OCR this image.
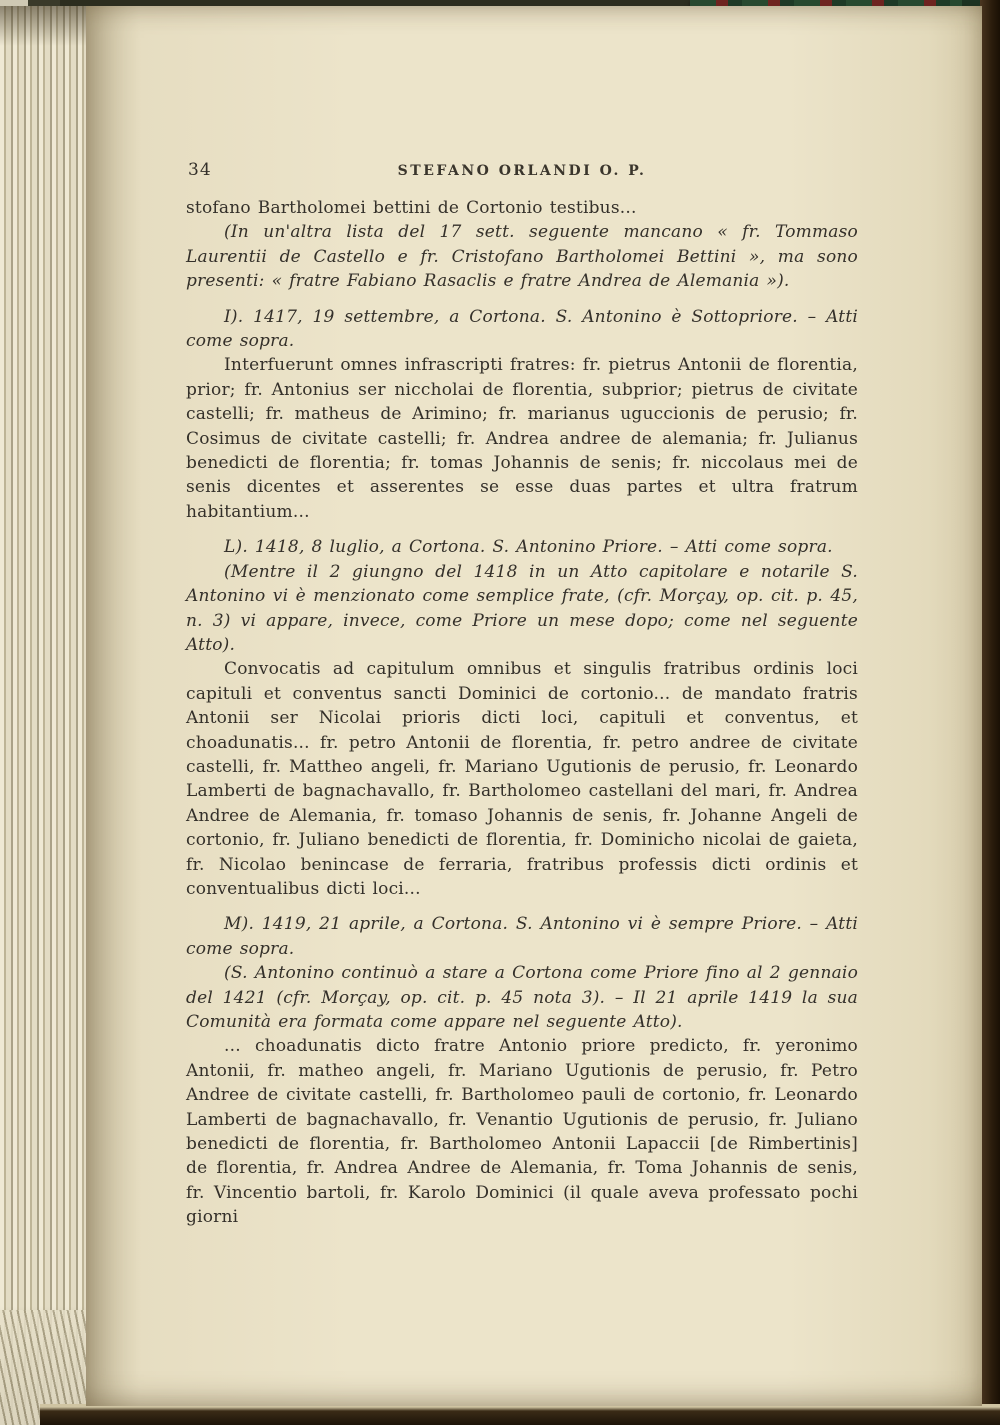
34	STEFANO ORLANDI O. P.

stofano Bartholomei bettini de Cortonio testibus...

(In un'altra lista del 17 sett. seguente mancano « fr. Tommaso Laurentii de Castello e fr. Cristofano Bartholomei Bettini », ma sono presenti: « fratre Fabiano Rasaclis e fratre Andrea de Alemania »).

I). 1417, 19 settembre, a Cortona. S. Antonino è Sottopriore. – Atti come sopra.

Interfuerunt omnes infrascripti fratres: fr. pietrus Antonii de florentia, prior; fr. Antonius ser niccholai de florentia, subprior; pietrus de civitate castelli; fr. matheus de Arimino; fr. marianus uguccionis de perusio; fr. Cosimus de civitate castelli; fr. Andrea andree de alemania; fr. Julianus benedicti de florentia; fr. tomas Johannis de senis; fr. niccolaus mei de senis dicentes et asserentes se esse duas partes et ultra fratrum habitantium...

L). 1418, 8 luglio, a Cortona. S. Antonino Priore. – Atti come sopra.

(Mentre il 2 giungno del 1418 in un Atto capitolare e notarile S. Antonino vi è menzionato come semplice frate, (cfr. Morçay, op. cit. p. 45, n. 3) vi appare, invece, come Priore un mese dopo; come nel seguente Atto).

Convocatis ad capitulum omnibus et singulis fratribus ordinis loci capituli et conventus sancti Dominici de cortonio... de mandato fratris Antonii ser Nicolai prioris dicti loci, capituli et conventus, et choadunatis... fr. petro Antonii de florentia, fr. petro andree de civitate castelli, fr. Mattheo angeli, fr. Mariano Ugutionis de perusio, fr. Leonardo Lamberti de bagnachavallo, fr. Bartholomeo castellani del mari, fr. Andrea Andree de Alemania, fr. tomaso Johannis de senis, fr. Johanne Angeli de cortonio, fr. Juliano benedicti de florentia, fr. Dominicho nicolai de gaieta, fr. Nicolao benincase de ferraria, fratribus professis dicti ordinis et conventualibus dicti loci...

M). 1419, 21 aprile, a Cortona. S. Antonino vi è sempre Priore. – Atti come sopra.

(S. Antonino continuò a stare a Cortona come Priore fino al 2 gennaio del 1421 (cfr. Morçay, op. cit. p. 45 nota 3). – Il 21 aprile 1419 la sua Comunità era formata come appare nel seguente Atto).

... choadunatis dicto fratre Antonio priore predicto, fr. yeronimo Antonii, fr. matheo angeli, fr. Mariano Ugutionis de perusio, fr. Petro Andree de civitate castelli, fr. Bartholomeo pauli de cortonio, fr. Leonardo Lamberti de bagnachavallo, fr. Venantio Ugutionis de perusio, fr. Juliano benedicti de florentia, fr. Bartholomeo Antonii Lapaccii [de Rimbertinis] de florentia, fr. Andrea Andree de Alemania, fr. Toma Johannis de senis, fr. Vincentio bartoli, fr. Karolo Dominici (il quale aveva professato pochi giorni
